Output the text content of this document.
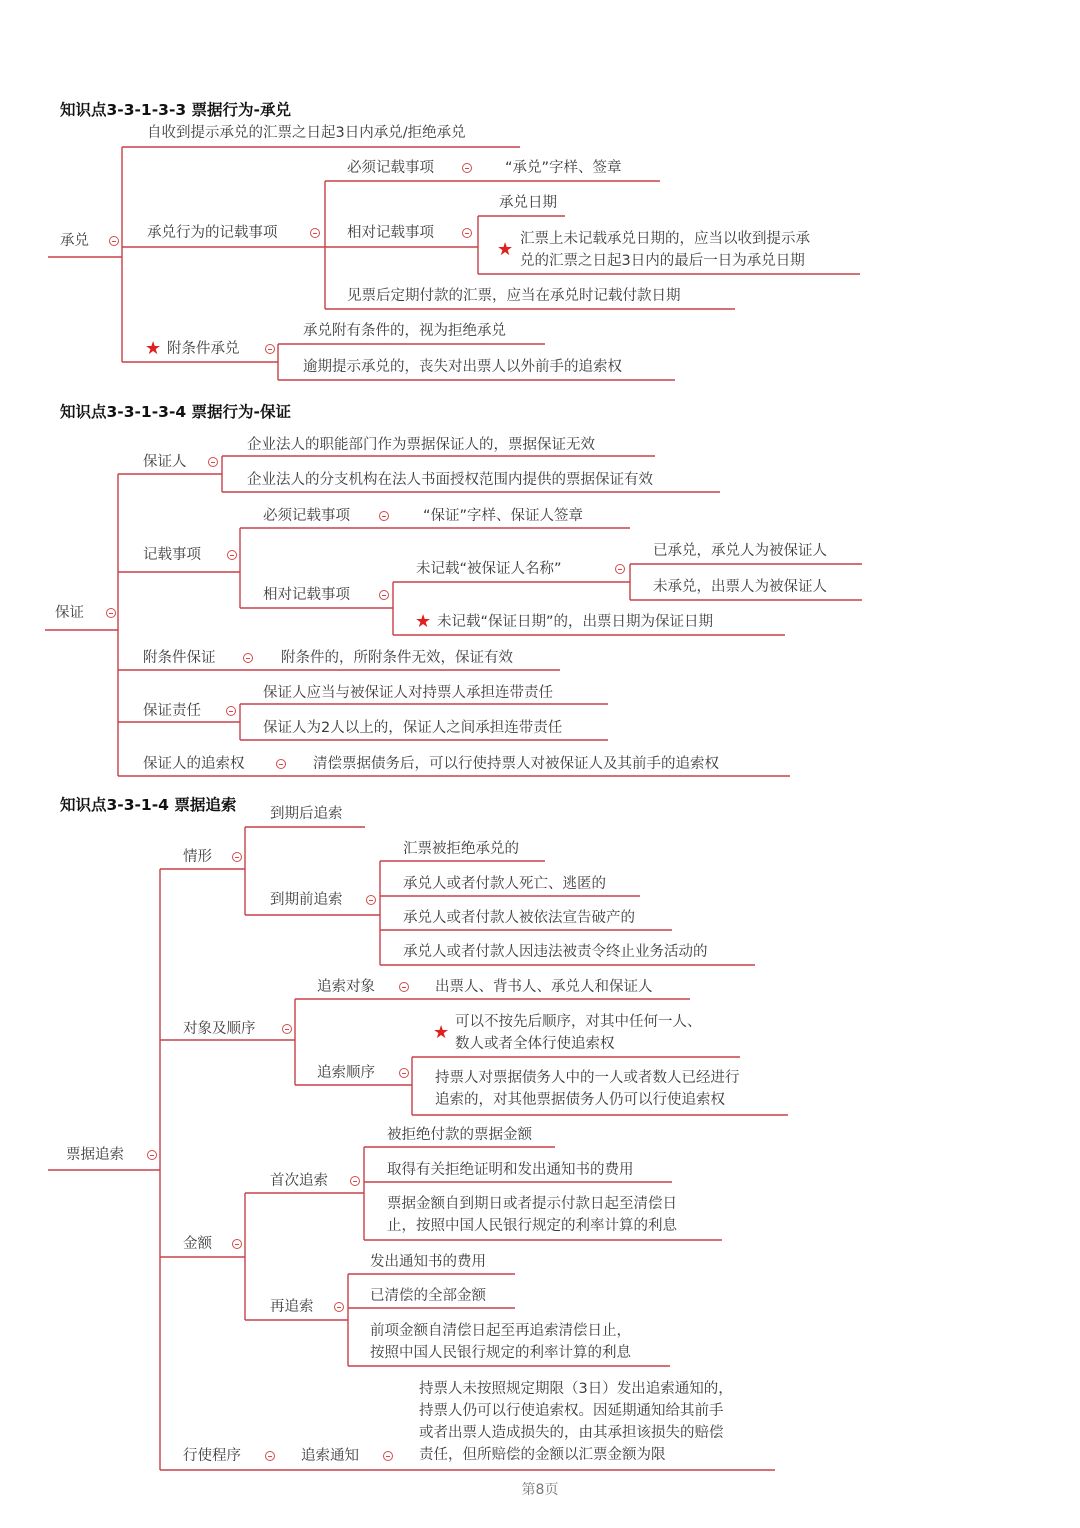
知识点3-3-1-3-3 票据行为-承兑
知识点3-3-1-3-4 票据行为-保证
知识点3-3-1-4 票据追索
承兑
自收到提示承兑的汇票之日起3日内承兑/拒绝承兑
承兑行为的记载事项
必须记载事项	“承兑”字样、签章
相对记载事项
承兑日期
★ 汇票上未记载承兑日期的，应当以收到提示承
兑的汇票之日起3日内的最后一日为承兑日期
见票后定期付款的汇票，应当在承兑时记载付款日期
★ 附条件承兑
承兑附有条件的，视为拒绝承兑
逾期提示承兑的，丧失对出票人以外前手的追索权
保证
保证人
企业法人的职能部门作为票据保证人的，票据保证无效
企业法人的分支机构在法人书面授权范围内提供的票据保证有效
记载事项
必须记载事项	“保证”字样、保证人签章
相对记载事项
未记载“被保证人名称”
已承兑，承兑人为被保证人
未承兑，出票人为被保证人
★ 未记载“保证日期”的，出票日期为保证日期
附条件保证	附条件的，所附条件无效，保证有效
保证责任
保证人应当与被保证人对持票人承担连带责任
保证人为2人以上的，保证人之间承担连带责任
保证人的追索权	清偿票据债务后，可以行使持票人对被保证人及其前手的追索权
票据追索
情形
到期后追索
到期前追索
汇票被拒绝承兑的
承兑人或者付款人死亡、逃匿的
承兑人或者付款人被依法宣告破产的
承兑人或者付款人因违法被责令终止业务活动的
对象及顺序
追索对象	出票人、背书人、承兑人和保证人
追索顺序
★ 可以不按先后顺序，对其中任何一人、
数人或者全体行使追索权
持票人对票据债务人中的一人或者数人已经进行
追索的，对其他票据债务人仍可以行使追索权
金额
首次追索
被拒绝付款的票据金额
取得有关拒绝证明和发出通知书的费用
票据金额自到期日或者提示付款日起至清偿日
止，按照中国人民银行规定的利率计算的利息
再追索
发出通知书的费用
已清偿的全部金额
前项金额自清偿日起至再追索清偿日止，
按照中国人民银行规定的利率计算的利息
行使程序	追索通知
持票人未按照规定期限（3日）发出追索通知的，
持票人仍可以行使追索权。因延期通知给其前手
或者出票人造成损失的，由其承担该损失的赔偿
责任，但所赔偿的金额以汇票金额为限
第8页
